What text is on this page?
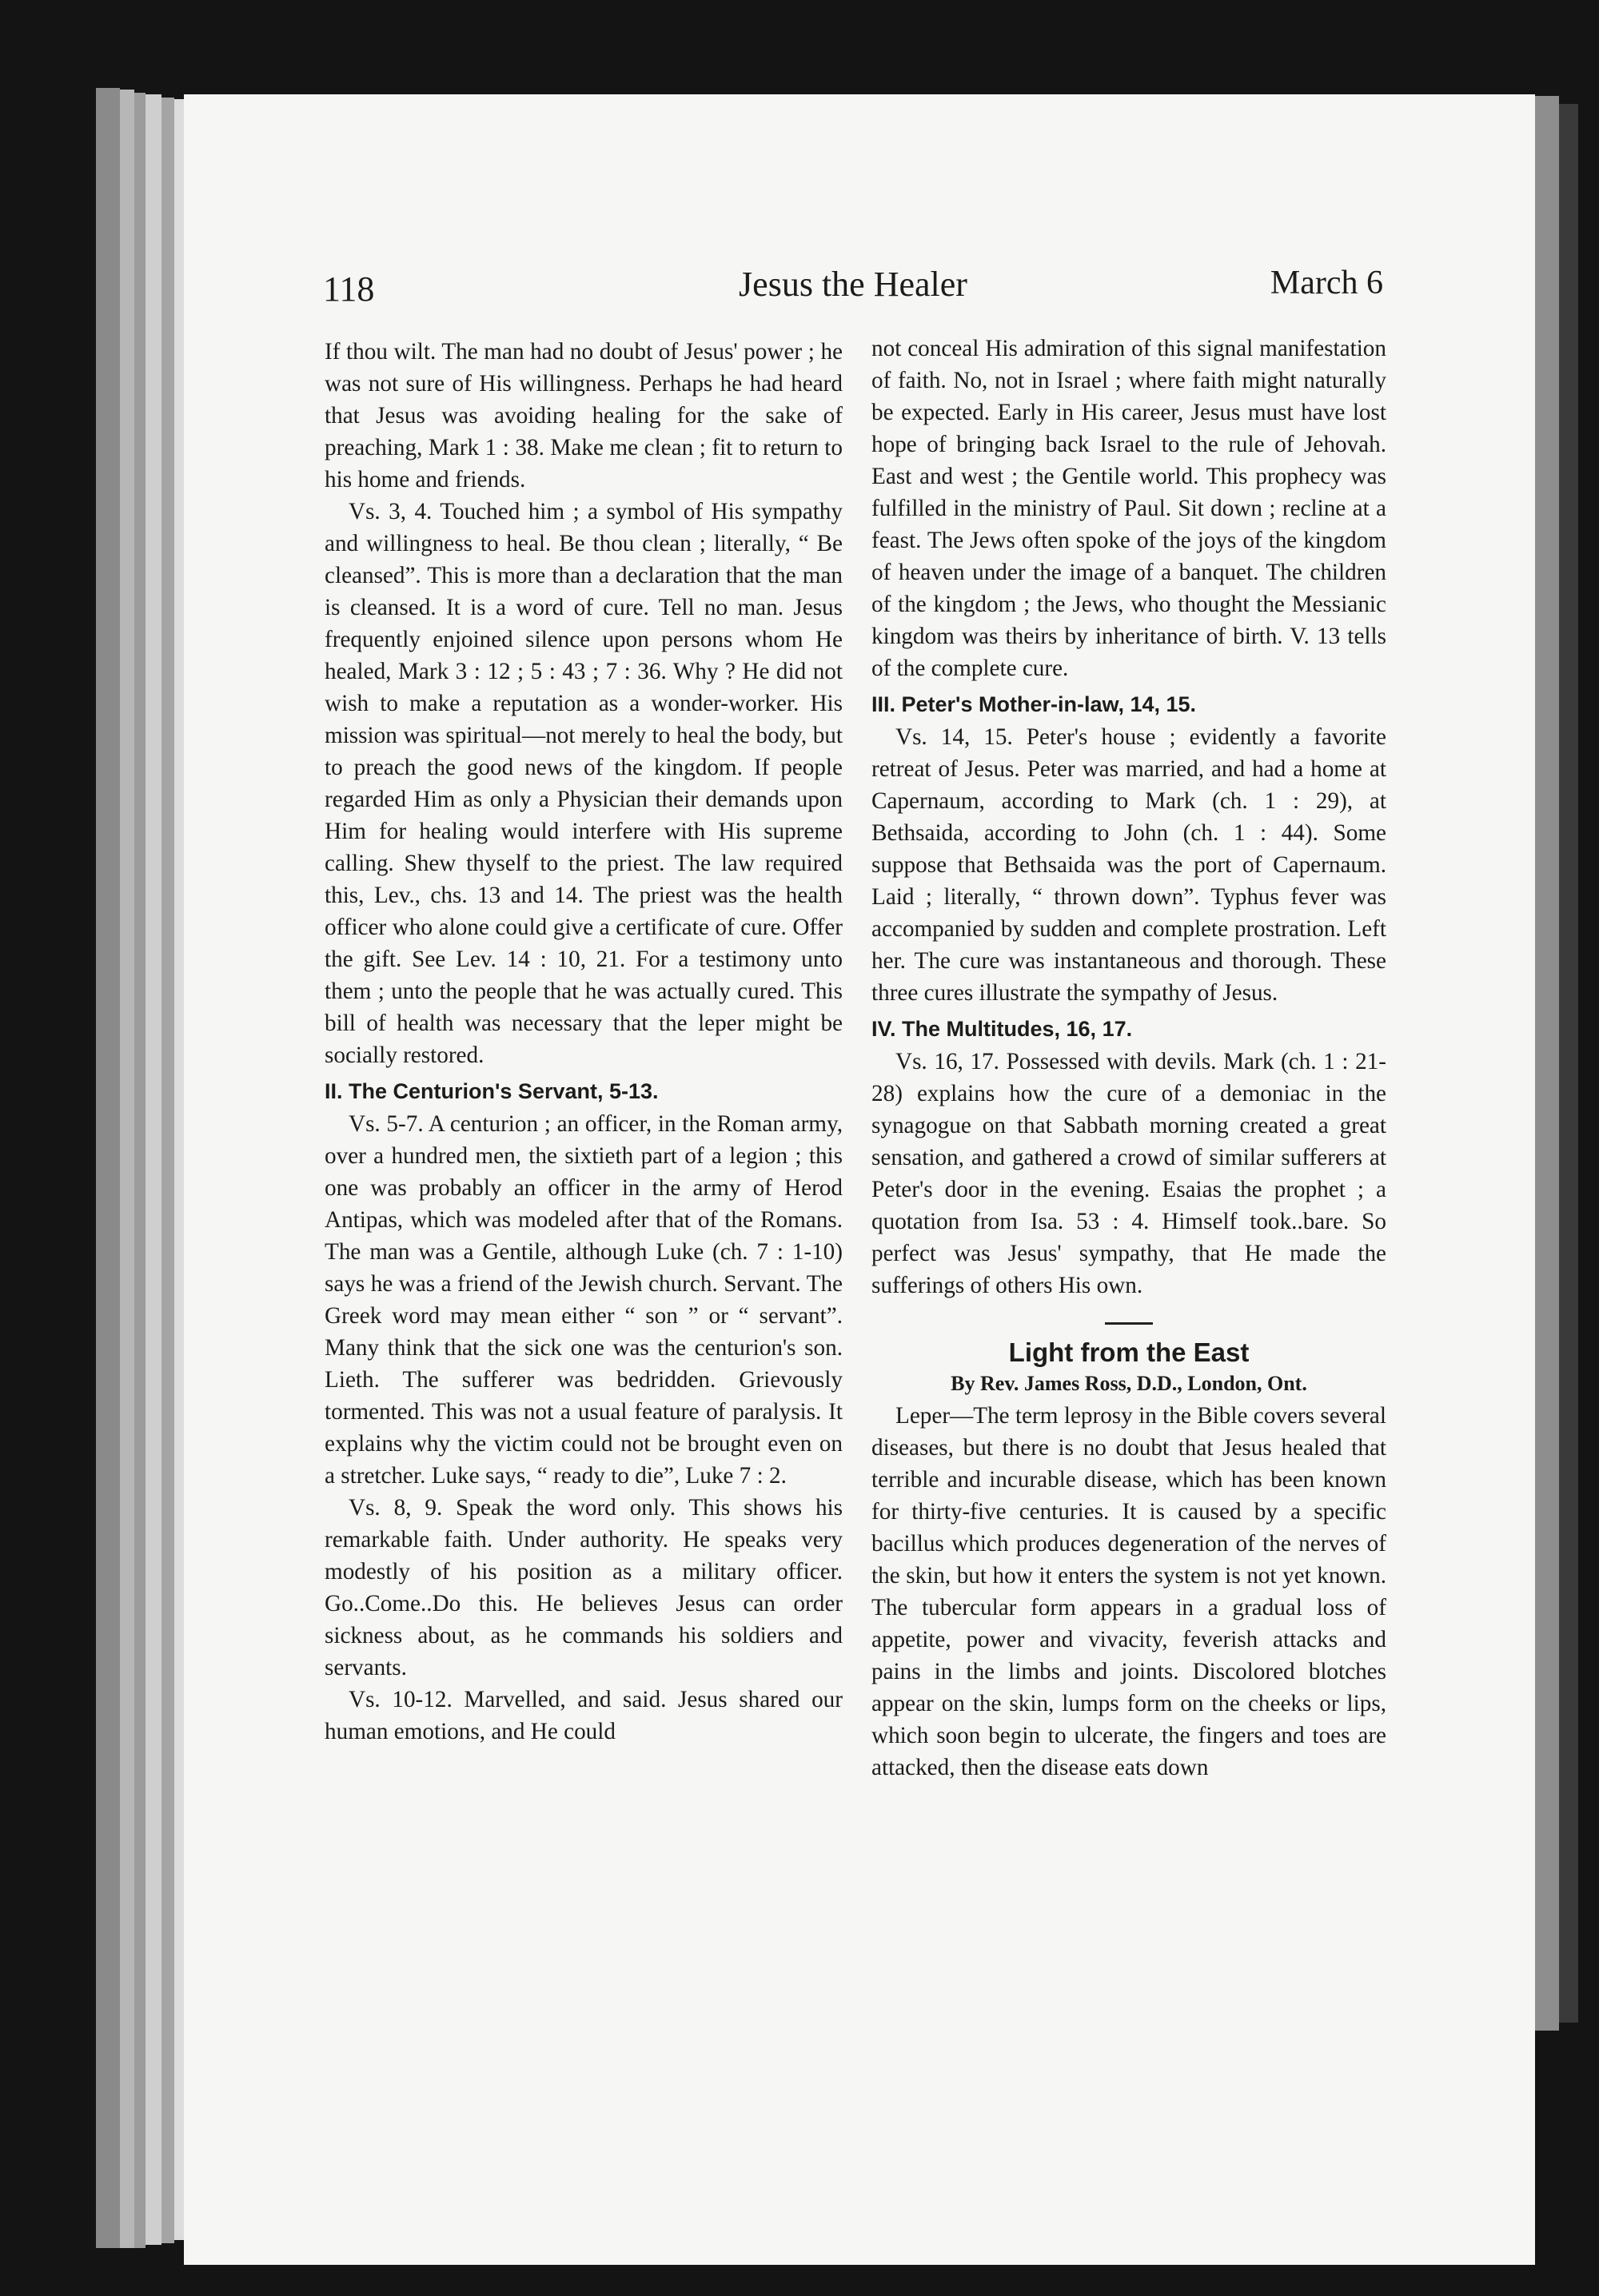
118	Jesus the Healer	March 6

If thou wilt. The man had no doubt of Jesus' power ; he was not sure of His willingness. Perhaps he had heard that Jesus was avoiding healing for the sake of preaching, Mark 1 : 38. Make me clean ; fit to return to his home and friends.

Vs. 3, 4. Touched him ; a symbol of His sympathy and willingness to heal. Be thou clean ; literally, “ Be cleansed”. This is more than a declaration that the man is cleansed. It is a word of cure. Tell no man. Jesus frequently enjoined silence upon persons whom He healed, Mark 3 : 12 ; 5 : 43 ; 7 : 36. Why ? He did not wish to make a reputation as a wonder-worker. His mission was spiritual—not merely to heal the body, but to preach the good news of the kingdom. If people regarded Him as only a Physician their demands upon Him for healing would interfere with His supreme calling. Shew thyself to the priest. The law required this, Lev., chs. 13 and 14. The priest was the health officer who alone could give a certificate of cure. Offer the gift. See Lev. 14 : 10, 21. For a testimony unto them ; unto the people that he was actually cured. This bill of health was necessary that the leper might be socially restored.

II. The Centurion's Servant, 5-13.

Vs. 5-7. A centurion ; an officer, in the Roman army, over a hundred men, the sixtieth part of a legion ; this one was probably an officer in the army of Herod Antipas, which was modeled after that of the Romans. The man was a Gentile, although Luke (ch. 7 : 1-10) says he was a friend of the Jewish church. Servant. The Greek word may mean either “ son ” or “ servant”. Many think that the sick one was the centurion's son. Lieth. The sufferer was bedridden. Grievously tormented. This was not a usual feature of paralysis. It explains why the victim could not be brought even on a stretcher. Luke says, “ ready to die”, Luke 7 : 2.

Vs. 8, 9. Speak the word only. This shows his remarkable faith. Under authority. He speaks very modestly of his position as a military officer. Go..Come..Do this. He believes Jesus can order sickness about, as he commands his soldiers and servants.

Vs. 10-12. Marvelled, and said. Jesus shared our human emotions, and He could

not conceal His admiration of this signal manifestation of faith. No, not in Israel ; where faith might naturally be expected. Early in His career, Jesus must have lost hope of bringing back Israel to the rule of Jehovah. East and west ; the Gentile world. This prophecy was fulfilled in the ministry of Paul. Sit down ; recline at a feast. The Jews often spoke of the joys of the kingdom of heaven under the image of a banquet. The children of the kingdom ; the Jews, who thought the Messianic kingdom was theirs by inheritance of birth. V. 13 tells of the complete cure.

III. Peter's Mother-in-law, 14, 15.

Vs. 14, 15. Peter's house ; evidently a favorite retreat of Jesus. Peter was married, and had a home at Capernaum, according to Mark (ch. 1 : 29), at Bethsaida, according to John (ch. 1 : 44). Some suppose that Bethsaida was the port of Capernaum. Laid ; literally, “ thrown down”. Typhus fever was accompanied by sudden and complete prostration. Left her. The cure was instantaneous and thorough. These three cures illustrate the sympathy of Jesus.

IV. The Multitudes, 16, 17.

Vs. 16, 17. Possessed with devils. Mark (ch. 1 : 21-28) explains how the cure of a demoniac in the synagogue on that Sabbath morning created a great sensation, and gathered a crowd of similar sufferers at Peter's door in the evening. Esaias the prophet ; a quotation from Isa. 53 : 4. Himself took..bare. So perfect was Jesus' sympathy, that He made the sufferings of others His own.

Light from the East
By Rev. James Ross, D.D., London, Ont.

Leper—The term leprosy in the Bible covers several diseases, but there is no doubt that Jesus healed that terrible and incurable disease, which has been known for thirty-five centuries. It is caused by a specific bacillus which produces degeneration of the nerves of the skin, but how it enters the system is not yet known. The tubercular form appears in a gradual loss of appetite, power and vivacity, feverish attacks and pains in the limbs and joints. Discolored blotches appear on the skin, lumps form on the cheeks or lips, which soon begin to ulcerate, the fingers and toes are attacked, then the disease eats down
